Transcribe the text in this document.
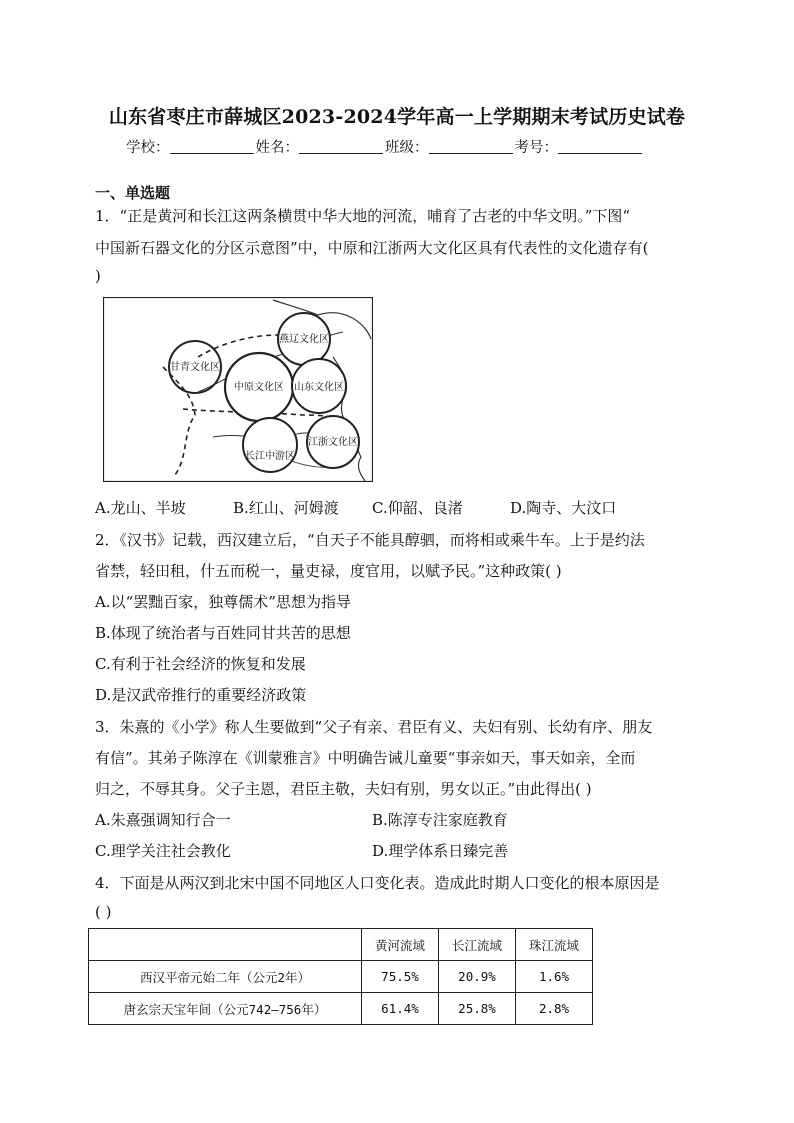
山东省枣庄市薛城区2023-2024学年高一上学期期末考试历史试卷
学校：	姓名：	班级：	考号：
一、单选题
1．“正是黄河和长江这两条横贯中华大地的河流，哺育了古老的中华文明。”下图“
中国新石器文化的分区示意图”中，中原和江浙两大文化区具有代表性的文化遗存有(
)
燕辽文化区
甘青文化区
中原文化区 山东文化区
长江中游区
江浙文化区
A.龙山、半坡	B.红山、河姆渡 C.仰韶、良渚	D.陶寺、大汶口
2．《汉书》记载，西汉建立后，“自天子不能具醇驷，而将相或乘牛车。上于是约法
省禁，轻田租，什五而税一，量吏禄，度官用，以赋予民。”这种政策( )
A.以“罢黜百家，独尊儒术”思想为指导
B.体现了统治者与百姓同甘共苦的思想
C.有利于社会经济的恢复和发展
D.是汉武帝推行的重要经济政策
3．朱熹的《小学》称人生要做到“父子有亲、君臣有义、夫妇有别、长幼有序、朋友
有信”。其弟子陈淳在《训蒙雅言》中明确告诫儿童要“事亲如天，事天如亲，全而
归之，不辱其身。父子主恩，君臣主敬，夫妇有别，男女以正。”由此得出( )
A.朱熹强调知行合一	B.陈淳专注家庭教育
C.理学关注社会教化	D.理学体系日臻完善
4．下面是从两汉到北宋中国不同地区人口变化表。造成此时期人口变化的根本原因是
( )
	黄河流域	长江流域	珠江流域
西汉平帝元始二年（公元2年）	75.5%	20.9%	1.6%
唐玄宗天宝年间（公元742—756年）	61.4%	25.8%	2.8%
